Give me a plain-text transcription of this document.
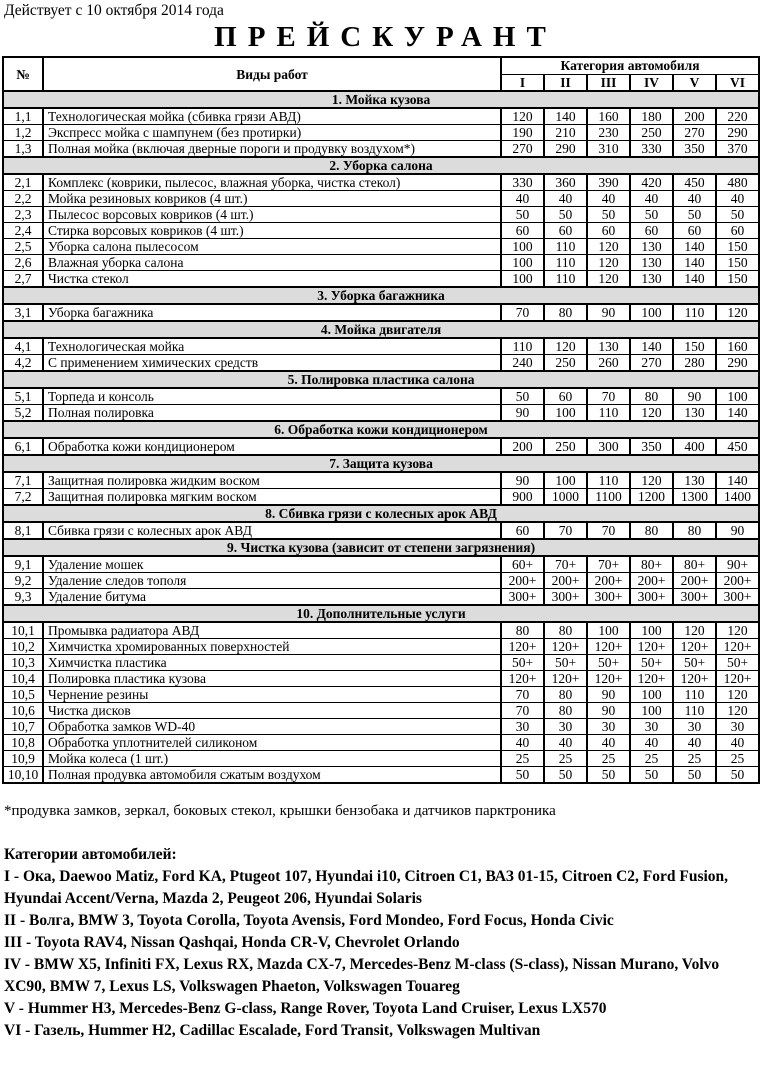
Действует с 10 октября 2014 года
ПРЕЙСКУРАНТ
№	Виды работ	Категория автомобиля					
		I	II	III	IV	V	VI
1. Мойка кузова							
1,1	Технологическая мойка (сбивка грязи АВД)	120	140	160	180	200	220
1,2	Экспресс мойка с шампунем (без протирки)	190	210	230	250	270	290
1,3	Полная мойка (включая дверные пороги и продувку воздухом*)	270	290	310	330	350	370
2. Уборка салона							
2,1	Комплекс (коврики, пылесос, влажная уборка, чистка стекол)	330	360	390	420	450	480
2,2	Мойка резиновых ковриков (4 шт.)	40	40	40	40	40	40
2,3	Пылесос ворсовых ковриков (4 шт.)	50	50	50	50	50	50
2,4	Стирка ворсовых ковриков (4 шт.)	60	60	60	60	60	60
2,5	Уборка салона пылесосом	100	110	120	130	140	150
2,6	Влажная уборка салона	100	110	120	130	140	150
2,7	Чистка стекол	100	110	120	130	140	150
3. Уборка багажника							
3,1	Уборка багажника	70	80	90	100	110	120
4. Мойка двигателя							
4,1	Технологическая мойка	110	120	130	140	150	160
4,2	С применением химических средств	240	250	260	270	280	290
5. Полировка пластика салона							
5,1	Торпеда и консоль	50	60	70	80	90	100
5,2	Полная полировка	90	100	110	120	130	140
6. Обработка кожи кондиционером							
6,1	Обработка кожи кондиционером	200	250	300	350	400	450
7. Защита кузова							
7,1	Защитная полировка жидким воском	90	100	110	120	130	140
7,2	Защитная полировка мягким воском	900	1000	1100	1200	1300	1400
8. Сбивка грязи с колесных арок АВД							
8,1	Сбивка грязи с колесных арок АВД	60	70	70	80	80	90
9. Чистка кузова (зависит от степени загрязнения)							
9,1	Удаление мошек	60+	70+	70+	80+	80+	90+
9,2	Удаление следов тополя	200+	200+	200+	200+	200+	200+
9,3	Удаление битума	300+	300+	300+	300+	300+	300+
10. Дополнительные услуги							
10,1	Промывка радиатора АВД	80	80	100	100	120	120
10,2	Химчистка хромированных поверхностей	120+	120+	120+	120+	120+	120+
10,3	Химчистка пластика	50+	50+	50+	50+	50+	50+
10,4	Полировка пластика кузова	120+	120+	120+	120+	120+	120+
10,5	Чернение резины	70	80	90	100	110	120
10,6	Чистка дисков	70	80	90	100	110	120
10,7	Обработка замков WD-40	30	30	30	30	30	30
10,8	Обработка уплотнителей силиконом	40	40	40	40	40	40
10,9	Мойка колеса (1 шт.)	25	25	25	25	25	25
10,10	Полная продувка автомобиля сжатым воздухом	50	50	50	50	50	50
*продувка замков, зеркал, боковых стекол, крышки бензобака и датчиков парктроника
Категории автомобилей:
I - Ока, Daewoo Matiz, Ford KA, Ptugeot 107, Hyundai i10, Citroen C1, ВАЗ 01-15, Citroen C2, Ford Fusion, Hyundai Accent/Verna, Mazda 2, Peugeot 206, Hyundai Solaris
II - Волга, BMW 3, Toyota Corolla, Toyota Avensis, Ford Mondeo, Ford Focus, Honda Civic
III - Toyota RAV4, Nissan Qashqai, Honda CR-V, Chevrolet Orlando
IV - BMW X5, Infiniti FX, Lexus RX, Mazda CX-7, Mercedes-Benz M-class (S-class), Nissan Murano, Volvo XC90, BMW 7, Lexus LS, Volkswagen Phaeton, Volkswagen Touareg
V - Hummer H3, Mercedes-Benz G-class, Range Rover, Toyota Land Cruiser, Lexus LX570
VI - Газель, Hummer H2, Cadillac Escalade, Ford Transit, Volkswagen Multivan
